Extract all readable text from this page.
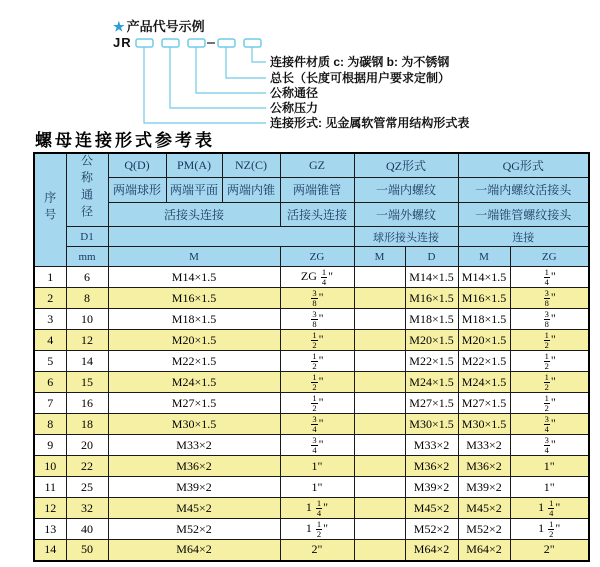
★ 产品代号示例
JR
连接件材质 c: 为碳钢 b: 为不锈钢
总长（长度可根据用户要求定制）
公称通径
公称压力
连接形式: 见金属软管常用结构形式表
螺母连接形式参考表
序号	公称通径	Q(D)	PM(A)	NZ(C)	GZ	QZ形式		QG形式	
		两端球形	两端平面	两端内锥	两端锥管	一端内螺纹		一端内螺纹活接头	
		活接头连接			活接头连接	一端外螺纹		一端锥管螺纹接头	
	D1					球形接头连接		连接	
	mm	M			ZG	M	D	M	ZG
1	6	M14×1.5			ZG $\frac{1}{4}$ "		M14×1.5	M14×1.5	$\frac{1}{4}$ "
2	8	M16×1.5			$\frac{3}{8}$ "		M16×1.5	M16×1.5	$\frac{3}{8}$ "
3	10	M18×1.5			$\frac{3}{8}$ "		M18×1.5	M18×1.5	$\frac{3}{8}$ "
4	12	M20×1.5			$\frac{1}{2}$ "		M20×1.5	M20×1.5	$\frac{1}{2}$ "
5	14	M22×1.5			$\frac{1}{2}$ "		M22×1.5	M22×1.5	$\frac{1}{2}$ "
6	15	M24×1.5			$\frac{1}{2}$ "		M24×1.5	M24×1.5	$\frac{1}{2}$ "
7	16	M27×1.5			$\frac{1}{2}$ "		M27×1.5	M27×1.5	$\frac{1}{2}$ "
8	18	M30×1.5			$\frac{3}{4}$ "		M30×1.5	M30×1.5	$\frac{3}{4}$ "
9	20	M33×2			$\frac{3}{4}$ "		M33×2	M33×2	$\frac{3}{4}$ "
10	22	M36×2			1"		M36×2	M36×2	1"
11	25	M39×2			1"		M39×2	M39×2	1"
12	32	M45×2			$1 \frac{1}{4}$ "		M45×2	M45×2	$1 \frac{1}{4}$ "
13	40	M52×2			$1 \frac{1}{2}$ "		M52×2	M52×2	$1 \frac{1}{2}$ "
14	50	M64×2			2"		M64×2	M64×2	2"
